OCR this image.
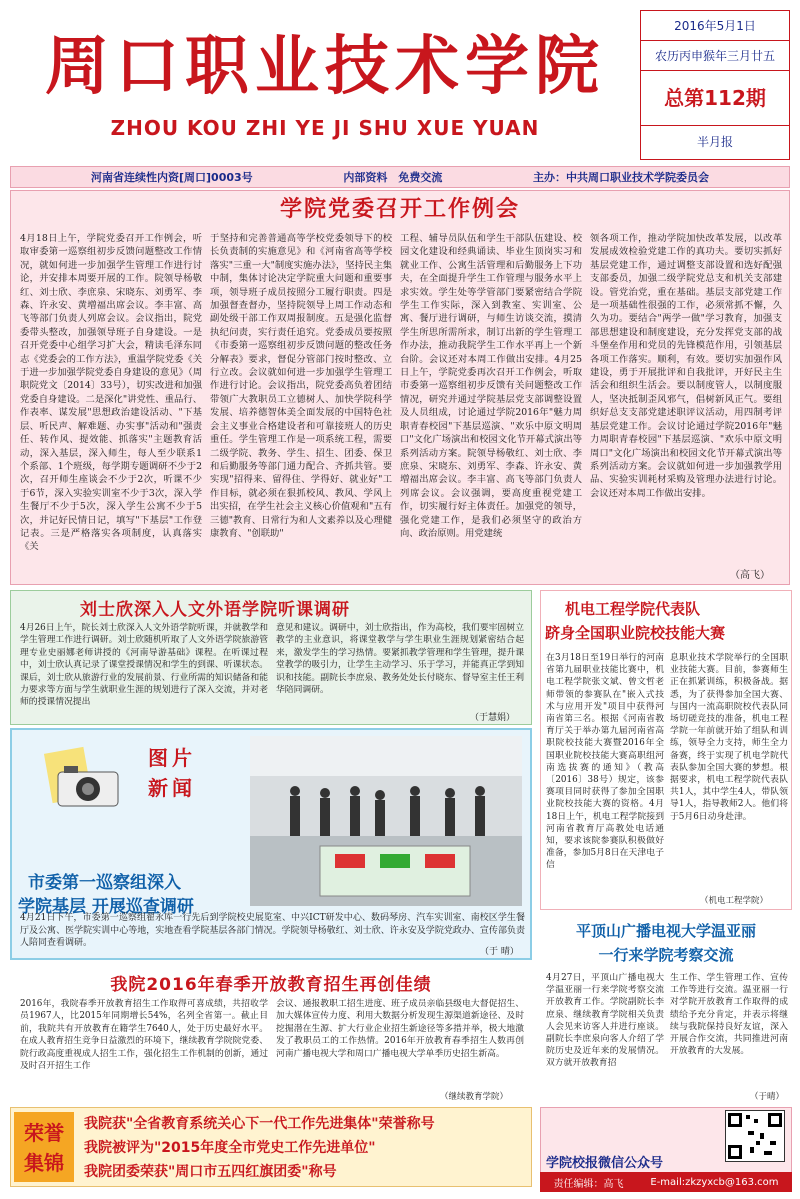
周口职业技术学院
ZHOU KOU ZHI YE JI SHU XUE YUAN
2016年5月1日
农历丙申猴年三月廿五
总第112期
半月报
河南省连续性内资[周口]0003号	内部资料　免费交流	主办：中共周口职业技术学院委员会
学院党委召开工作例会
4月18日上午，学院党委召开工作例会，听取审委第一巡察组初步反馈问题整改工作情况，就如何进一步加强学生管理工作进行讨论，并安排本周要开展的工作。院领导杨敬红、刘士欣、李庶泉、宋晓东、刘勇军、李森、许永安、黄増福出席会议。李丰富、高飞等部门负责人列席会议。会议指出，院党委带头整改，加强领导班子自身建设。一是召开党委中心组学习扩大会，精读毛泽东同志《党委会的工作方法》，重温学院党委《关于进一步加强学院党委自身建设的意见》（周职院党文〔2014〕33号），切实改进和加强党委自身建设。二是深化"讲党性、重品行、作表率、谋发展"思想政治建设活动、"下基层、听民声、解难题、办实事"活动和"强责任、转作风、提效能、抓落实"主题教育活动，深入基层，深入师生，每人至少联系1个系部、1个班级，每学期专题调研不少于2次，召开师生座谈会不少于2次，听课不少于6节，深入实验实训室不少于3次，深入学生餐厅不少于5次，深入学生公寓不少于5次，并记好民情日记，填写"下基层"工作登记表。三是严格落实各项制度，认真落实《关
于坚持和完善普通高等学校党委领导下的校长负责制的实施意见》和《河南省高等学校落实"三重一大"制度实施办法》，坚持民主集中制，集体讨论决定学院重大问题和重要事项，领导班子成员按照分工履行职责。四是加强督查督办，坚持院领导上周工作动态和副处级干部工作双周报制度。五是强化监督执纪问责，实行责任追究。党委成员要按照《市委第一巡察组初步反馈问题的整改任务分解表》要求，督促分管部门按时整改、立行立改。会议就如何进一步加强学生管理工作进行讨论。会议指出，院党委高负着团结带领广大教职员工立德树人、加快学院科学发展、培养德智体美全面发展的中国特色社会主义事业合格建设者和可靠接班人的历史重任。学生管理工作是一项系统工程，需要二级学院、教务、学生、招生、团委、保卫和后勤服务等部门通力配合、齐抓共管。要实现"招得来、留得住、学得好、就业好"工作目标，就必须在狠抓校风、教风、学风上出实招，在学生社会主义核心价值观和"五有三德"教育、日常行为和人文素养以及心理健康教育、"创联助"
工程、辅导员队伍和学生干部队伍建设、校园文化建设和经典诵读、毕业生顶岗实习和就业工作、公寓生活管理和后勤服务上下功夫，在全面提升学生工作管理与服务水平上求实效。学生处等学管部门要紧密结合学院学生工作实际，深入到教室、实训室、公寓、餐厅进行调研，与师生访谈交流，摸清学生所思所需所求，制订出新的学生管理工作办法，推动我院学生工作水平再上一个新台阶。会议还对本周工作做出安排。4月25日上午，学院党委再次召开工作例会，听取市委第一巡察组初步反馈有关问题整改工作情况，研究并通过学院基层党支部调整设置及人员组成，讨论通过学院2016年"魅力周职青春校园"下基层巡演、"欢乐中原文明周口"文化广场演出和校园文化节开幕式演出等系列活动方案。院领导杨敬红、刘士欣、李庶泉、宋晓东、刘勇军、李森、许永安、黄増福出席会议。李丰富、高飞等部门负责人列席会议。会议强调，要高度重视党建工作，切实履行好主体责任。加强党的领导，强化党建工作，是我们必须坚守的政治方向、政治原则。用党建统
领各项工作，推动学院加快改革发展，以改革发展成效检验党建工作的真功夫。要切实抓好基层党建工作，通过调整支部设置和选好配强支部委员，加强二级学院党总支和机关支部建设。管党治党，重在基础。基层支部党建工作是一项基础性很强的工作，必须常抓不懈，久久为功。要结合"两学一做"学习教育，加强支部思想建设和制度建设，充分发挥党支部的战斗堡垒作用和党员的先锋模范作用，引领基层各项工作落实。顺利，有效。要切实加强作风建设，勇于开展批评和自我批评，开好民主生活会和组织生活会。要以制度管人，以制度服人，坚决抵制歪风邪气，倡树新风正气。要组织好总支支部党建述职评议活动，用四制考评基层党建工作。会议讨论通过学院2016年"魅力周职青春校园"下基层巡演、"欢乐中原文明周口"文化广场演出和校园文化节开幕式演出等系列活动方案。会议就如何进一步加强教学用品、实验实训耗材采购及管理办法进行讨论。会议还对本周工作做出安排。
（高飞）
刘士欣深入人文外语学院听课调研
4月26日上午，院长刘士欣深入人文外语学院听课，并就教学和学生管理工作进行调研。刘士欣随机听取了人文外语学院旅游管理专业史丽娜老师讲授的《河南导游基础》课程。在听课过程中，刘士欣认真记录了课堂授课情况和学生的到课、听课状态。课后，刘士欣从旅游行业的发展前景、行业所需的知识储备和能力要求等方面与学生就职业生涯的规划进行了深入交流，并对老师的授课情况提出
意见和建议。调研中，刘士欣指出，作为高校，我们要牢固树立教学的主业意识，将课堂教学与学生职业生涯规划紧密结合起来，激发学生的学习热情。要紧抓教学管理和学生管理，提升课堂教学的吸引力，让学生主动学习、乐于学习，并能真正学到知识和技能。副院长李庶泉、教务处处长付晓东、督导室主任王利华陪同调研。
（于慧娟）
图片
新闻
市委第一巡察组深入
学院基层 开展巡查调研
4月21日下午，市委第一巡察组翟永库一行先后到学院校史展览室、中兴ICT研发中心、数码琴房、汽车实训室、南校区学生餐厅及公寓、医学院实训中心等地，实地查看学院基层各部门情况。学院领导杨敬红、刘士欣、许永安及学院党政办、宣传部负责人陪同查看调研。
（于 晴）
机电工程学院代表队
跻身全国职业院校技能大赛
在3月18日至19日举行的河南省第九届职业技能比赛中，机电工程学院张文斌、曾文哲老师带领的参赛队在"嵌入式技术与应用开发"项目中获得河南省第三名。根据《河南省教育厅关于举办第九届河南省高职院校技能大赛暨2016年全国职业院校技能大赛高职组河南选拔赛的通知》（教高〔2016〕38号）规定，该参赛项目同时获得了参加全国职业院校技能大赛的资格。4月18日上午，机电工程学院接到河南省教育厅高教处电话通知，要求该院参赛队积极做好准备，参加5月8日在天津电子信
息职业技术学院举行的全国职业技能大赛。目前，参赛师生正在抓紧训练，积极备战。据悉，为了获得参加全国大赛、与国内一流高职院校代表队同场切磋竞技的准备，机电工程学院一年前就开始了组队和训练，领导全力支持，师生全力备赛，终于实现了机电学院代表队参加全国大赛的梦想。根据要求，机电工程学院代表队共1人，其中学生4人，带队领导1人，指导教师2人。他们将于5月6日动身赴津。
（机电工程学院）
平顶山广播电视大学温亚丽
一行来学院考察交流
4月27日，平顶山广播电视大学温亚丽一行来学院考察交流开放教育工作。学院副院长李庶泉、继续教育学院相关负责人会见来访客人并进行座谈。副院长李庶泉向客人介绍了学院历史及近年来的发展情况。双方就开放教育招
生工作、学生管理工作、宣传工作等进行交流。温亚丽一行对学院开放教育工作取得的成绩给予充分肯定，并表示将继续与我院保持良好友谊，深入开展合作交流，共同推进河南开放教育的大发展。
（于晴）
我院2016年春季开放教育招生再创佳绩
2016年，我院春季开放教育招生工作取得可喜成绩，共招收学员1967人，比2015年同期增长54%，名列全省第一。截止目前，我院共有开放教育在籍学生7640人，处于历史最好水平。在成人教育招生竞争日益激烈的环境下，继续教育学院院党委、院行政高度重视成人招生工作，强化招生工作机制的创新，通过及时召开招生工作
会议、通报教职工招生进度、班子成员亲临县级电大督促招生、加大媒体宣传力度、利用大数据分析发现生源渠道新途径、及时挖掘潜在生源、扩大行业企业招生新途径等多措并举，极大地激发了教职员工的工作热情。2016年开放教育春季招生人数再创河南广播电视大学和周口广播电视大学单季历史招生新高。
（继续教育学院）
荣誉
集锦
我院获"全省教育系统关心下一代工作先进集体"荣誉称号
我院被评为"2015年度全市党史工作先进单位"
我院团委荣获"周口市五四红旗团委"称号
学院校报微信公众号
责任编辑：高飞	E-mail:zkzyxcb@163.com
